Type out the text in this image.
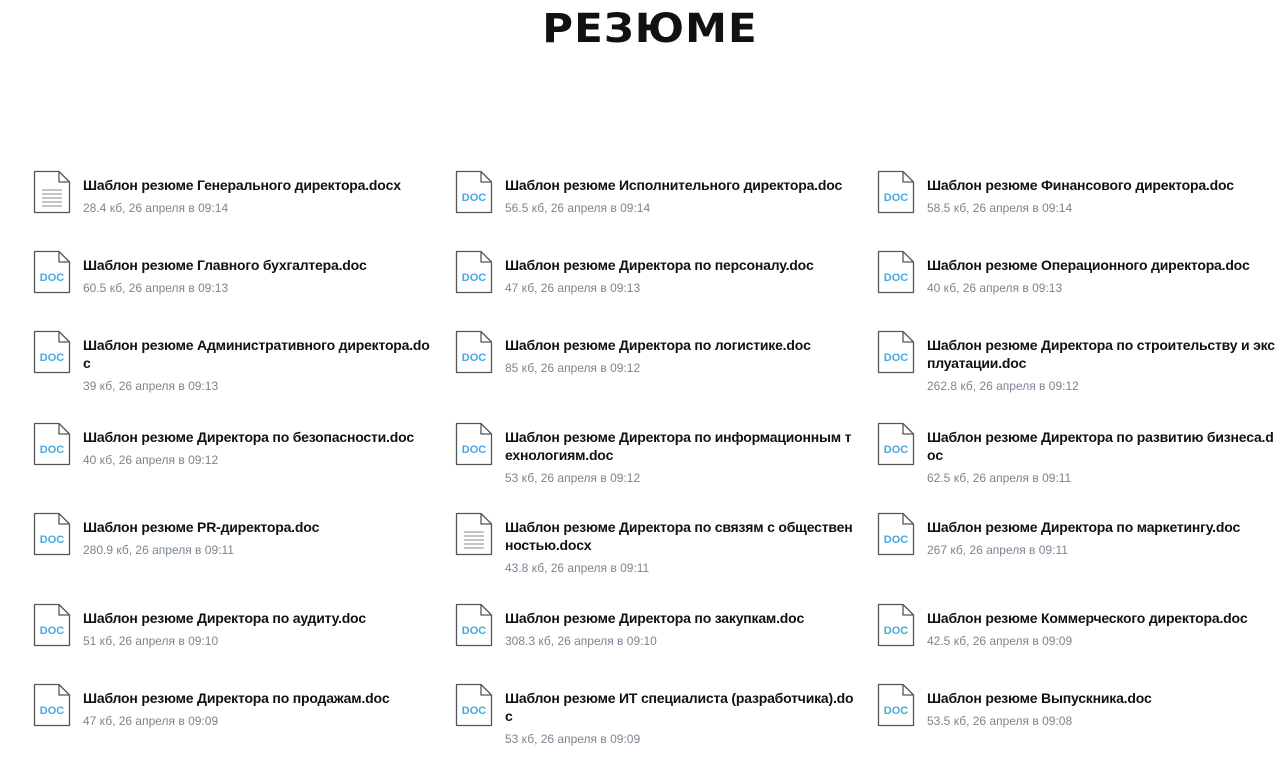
РЕЗЮМЕ
Шаблон резюме Генерального директора.docx
28.4 кб, 26 апреля в 09:14
DOC
Шаблон резюме Исполнительного директора.doc
56.5 кб, 26 апреля в 09:14
DOC
Шаблон резюме Финансового директора.doc
58.5 кб, 26 апреля в 09:14
DOC
Шаблон резюме Главного бухгалтера.doc
60.5 кб, 26 апреля в 09:13
DOC
Шаблон резюме Директора по персоналу.doc
47 кб, 26 апреля в 09:13
DOC
Шаблон резюме Операционного директора.doc
40 кб, 26 апреля в 09:13
DOC
Шаблон резюме Административного директора.doc
39 кб, 26 апреля в 09:13
DOC
Шаблон резюме Директора по логистике.doc
85 кб, 26 апреля в 09:12
DOC
Шаблон резюме Директора по строительству и эксплуатации.doc
262.8 кб, 26 апреля в 09:12
DOC
Шаблон резюме Директора по безопасности.doc
40 кб, 26 апреля в 09:12
DOC
Шаблон резюме Директора по информационным технологиям.doc
53 кб, 26 апреля в 09:12
DOC
Шаблон резюме Директора по развитию бизнеса.doc
62.5 кб, 26 апреля в 09:11
DOC
Шаблон резюме PR-директора.doc
280.9 кб, 26 апреля в 09:11
Шаблон резюме Директора по связям с общественностью.docx
43.8 кб, 26 апреля в 09:11
DOC
Шаблон резюме Директора по маркетингу.doc
267 кб, 26 апреля в 09:11
DOC
Шаблон резюме Директора по аудиту.doc
51 кб, 26 апреля в 09:10
DOC
Шаблон резюме Директора по закупкам.doc
308.3 кб, 26 апреля в 09:10
DOC
Шаблон резюме Коммерческого директора.doc
42.5 кб, 26 апреля в 09:09
DOC
Шаблон резюме Директора по продажам.doc
47 кб, 26 апреля в 09:09
DOC
Шаблон резюме ИТ специалиста (разработчика).doc
53 кб, 26 апреля в 09:09
DOC
Шаблон резюме Выпускника.doc
53.5 кб, 26 апреля в 09:08
